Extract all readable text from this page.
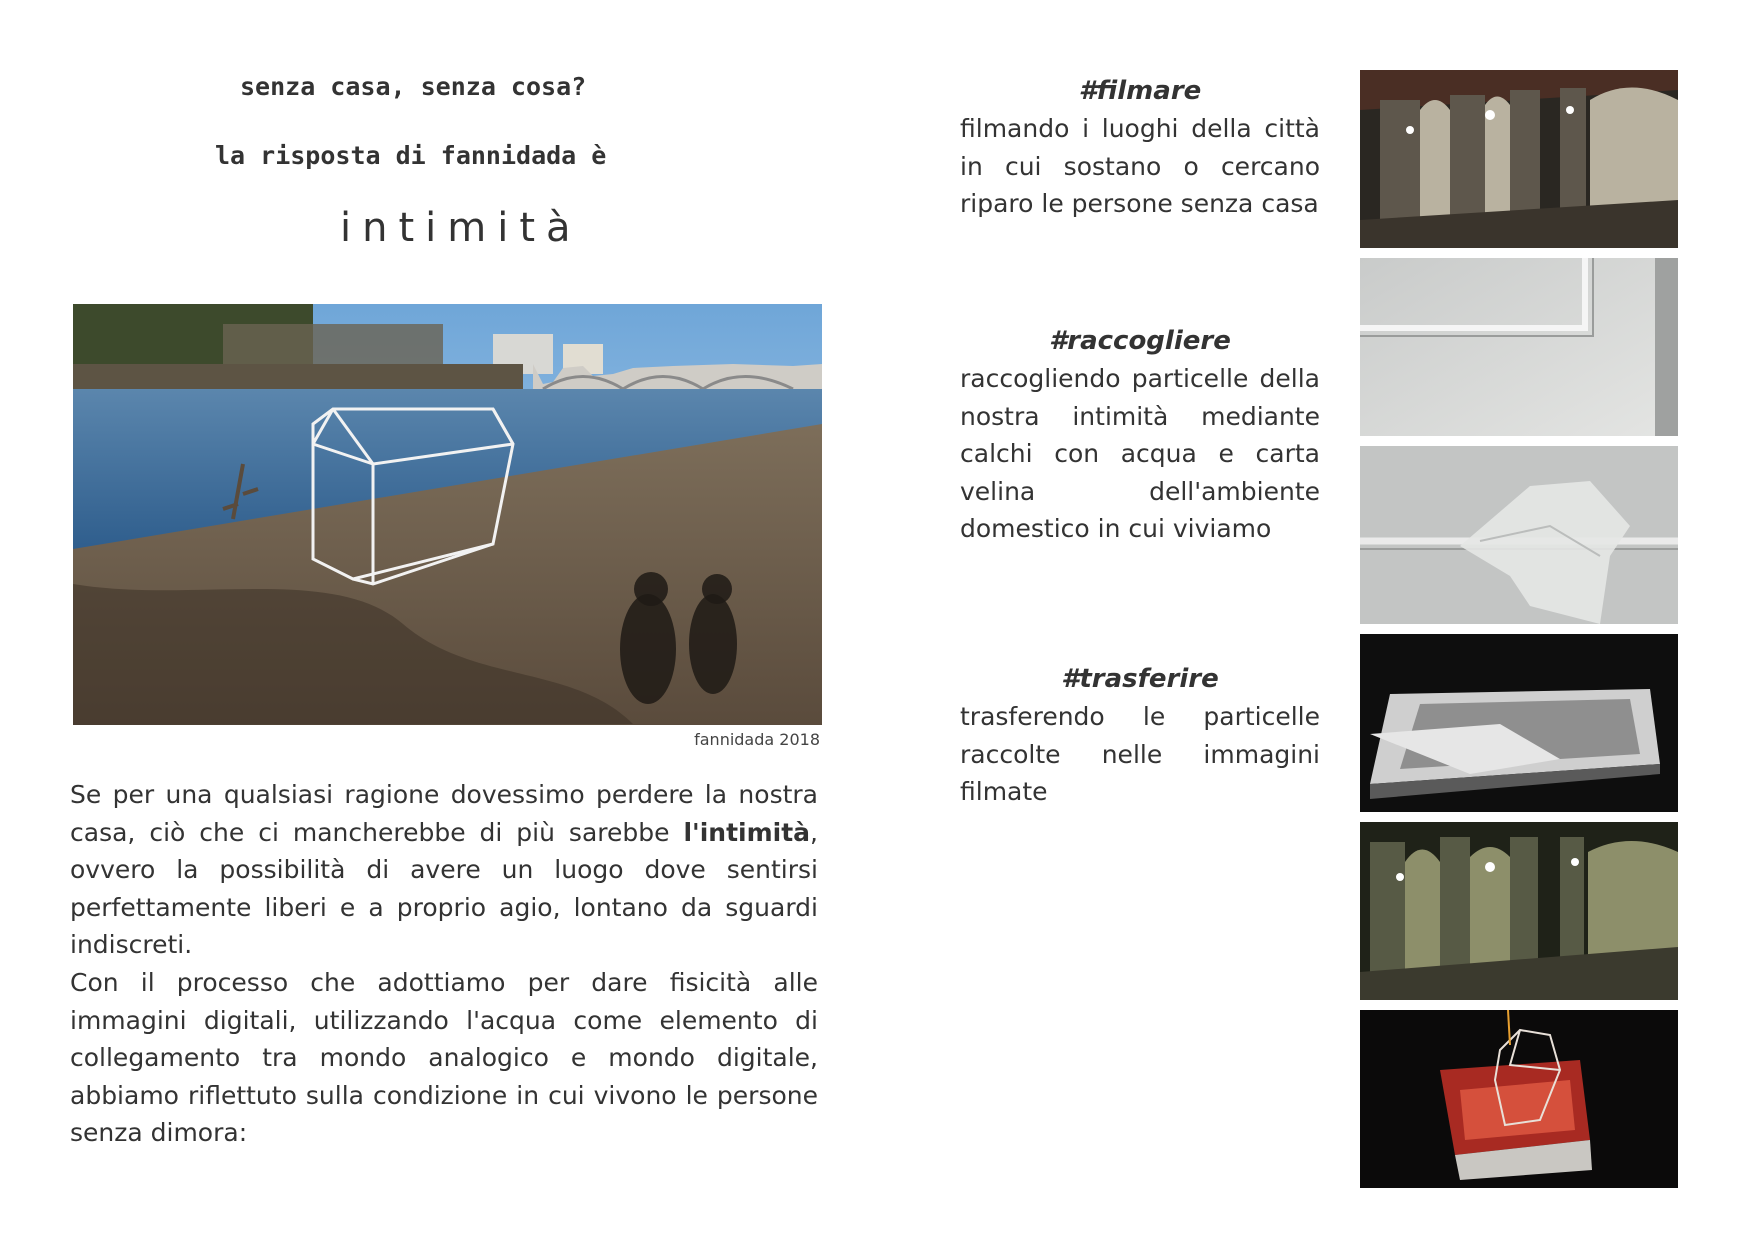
senza casa, senza cosa?
la risposta di fannidada è
intimità
fannidada 2018

Se per una qualsiasi ragione dovessimo perdere la nostra casa, ciò che ci mancherebbe di più sarebbe l'intimità, ovvero la possibilità di avere un luogo dove sentirsi perfettamente liberi e a proprio agio, lontano da sguardi indiscreti.

Con il processo che adottiamo per dare fisicità alle immagini digitali, utilizzando l'acqua come elemento di collegamento tra mondo analogico e mondo digitale, abbiamo riflettuto sulla condizione in cui vivono le persone senza dimora:

#filmare

filmando i luoghi della città in cui sostano o cercano riparo le persone senza casa

#raccogliere

raccogliendo particelle della nostra intimità mediante calchi con acqua e carta velina dell'ambiente domestico in cui viviamo

#trasferire

trasferendo le particelle raccolte nelle immagini filmate
